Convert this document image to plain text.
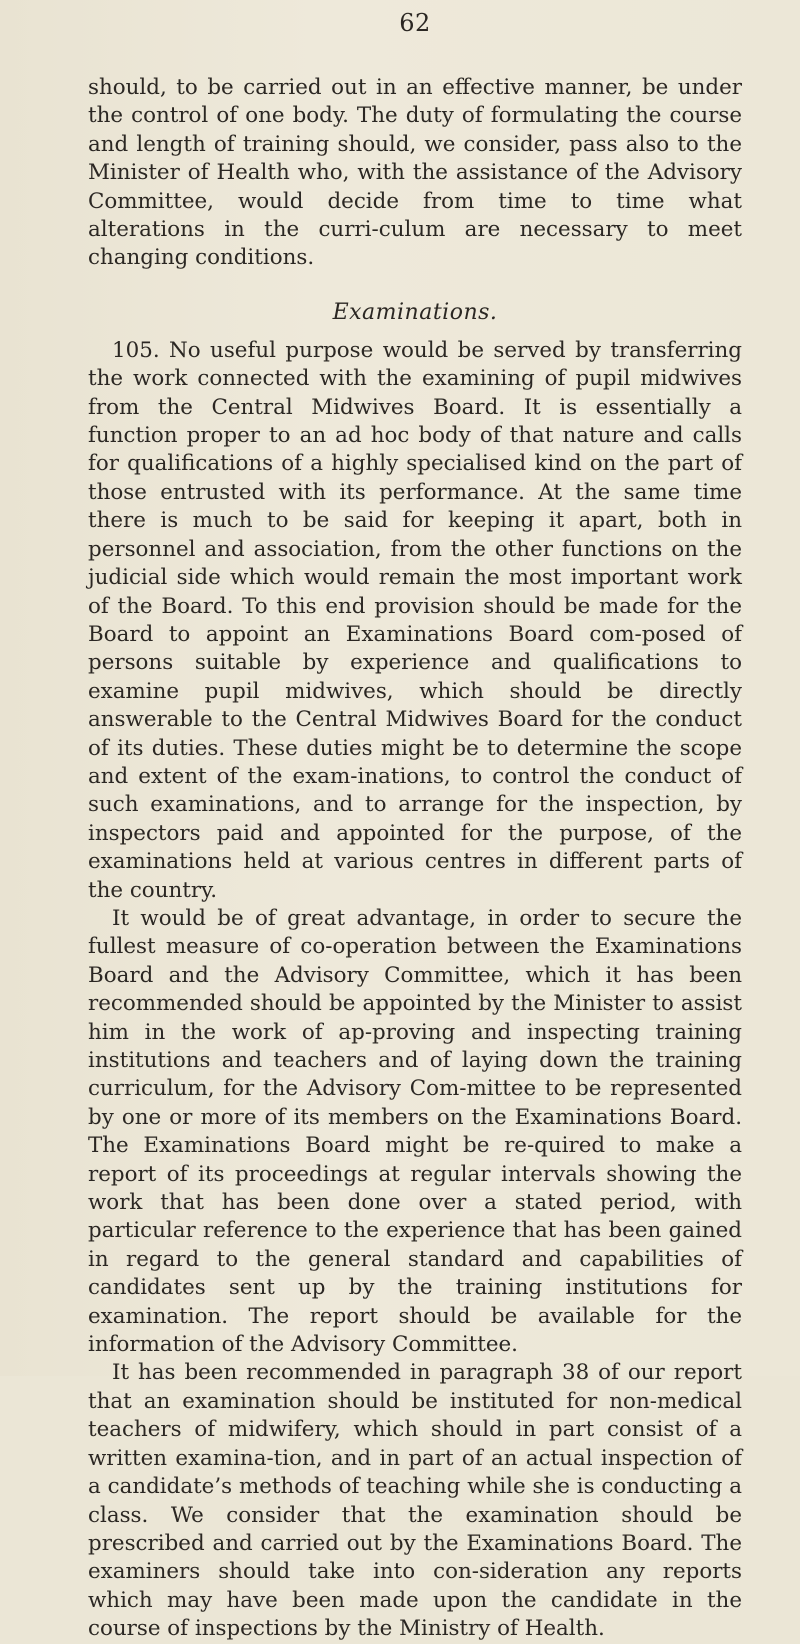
62

should, to be carried out in an effective manner, be under the control of one body. The duty of formulating the course and length of training should, we consider, pass also to the Minister of Health who, with the assistance of the Advisory Committee, would decide from time to time what alterations in the curri-culum are necessary to meet changing conditions.

Examinations.

105. No useful purpose would be served by transferring the work connected with the examining of pupil midwives from the Central Midwives Board. It is essentially a function proper to an ad hoc body of that nature and calls for qualifications of a highly specialised kind on the part of those entrusted with its performance. At the same time there is much to be said for keeping it apart, both in personnel and association, from the other functions on the judicial side which would remain the most important work of the Board. To this end provision should be made for the Board to appoint an Examinations Board com-posed of persons suitable by experience and qualifications to examine pupil midwives, which should be directly answerable to the Central Midwives Board for the conduct of its duties. These duties might be to determine the scope and extent of the exam-inations, to control the conduct of such examinations, and to arrange for the inspection, by inspectors paid and appointed for the purpose, of the examinations held at various centres in different parts of the country.

It would be of great advantage, in order to secure the fullest measure of co-operation between the Examinations Board and the Advisory Committee, which it has been recommended should be appointed by the Minister to assist him in the work of ap-proving and inspecting training institutions and teachers and of laying down the training curriculum, for the Advisory Com-mittee to be represented by one or more of its members on the Examinations Board. The Examinations Board might be re-quired to make a report of its proceedings at regular intervals showing the work that has been done over a stated period, with particular reference to the experience that has been gained in regard to the general standard and capabilities of candidates sent up by the training institutions for examination. The report should be available for the information of the Advisory Committee.

It has been recommended in paragraph 38 of our report that an examination should be instituted for non-medical teachers of midwifery, which should in part consist of a written examina-tion, and in part of an actual inspection of a candidate’s methods of teaching while she is conducting a class. We consider that the examination should be prescribed and carried out by the Examinations Board. The examiners should take into con-sideration any reports which may have been made upon the candidate in the course of inspections by the Ministry of Health.
